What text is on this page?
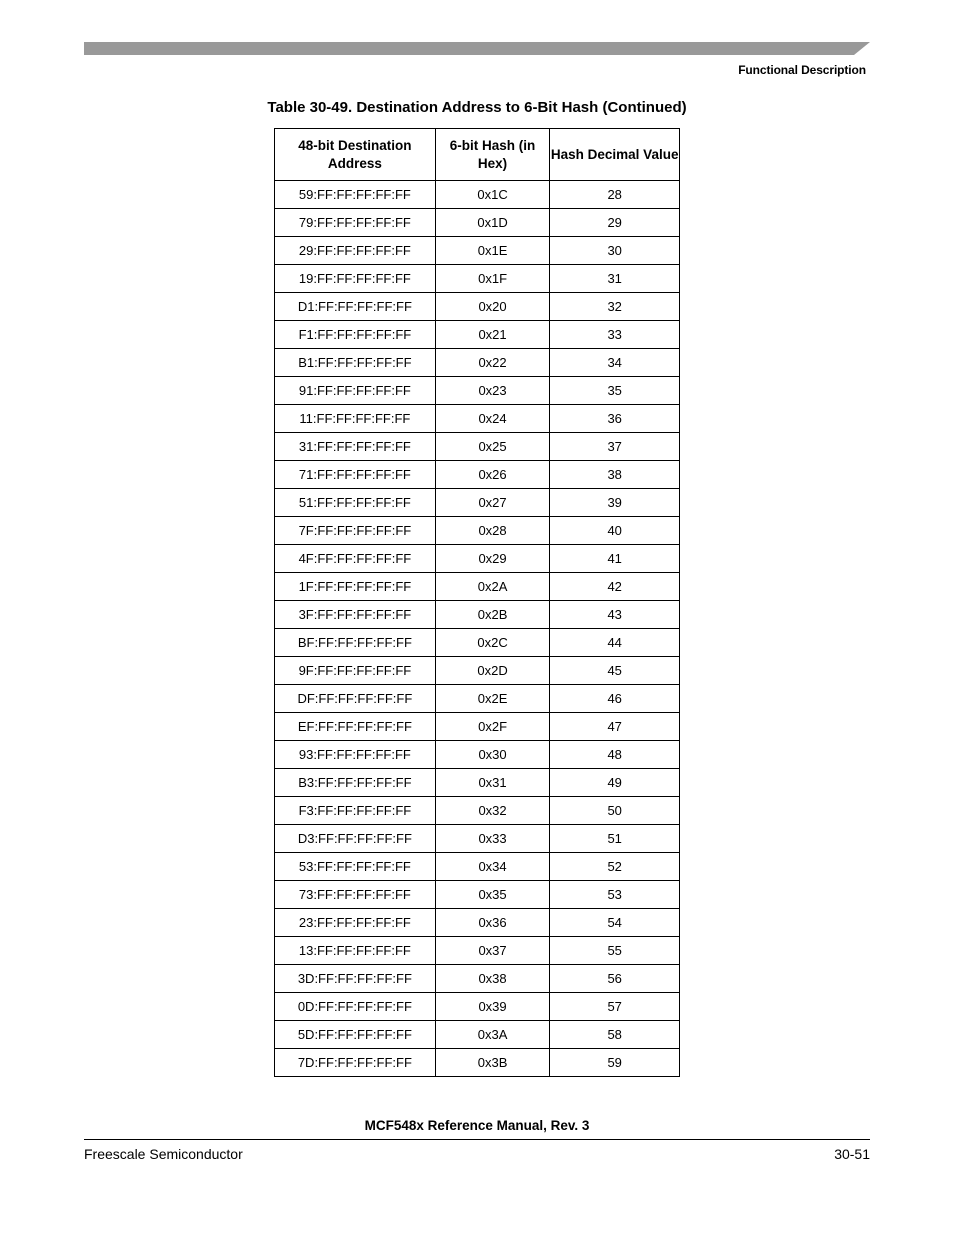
Functional Description
Table 30-49. Destination Address to 6-Bit Hash (Continued)
48-bit Destination Address	6-bit Hash (in Hex)	Hash Decimal Value
59:FF:FF:FF:FF:FF	0x1C	28
79:FF:FF:FF:FF:FF	0x1D	29
29:FF:FF:FF:FF:FF	0x1E	30
19:FF:FF:FF:FF:FF	0x1F	31
D1:FF:FF:FF:FF:FF	0x20	32
F1:FF:FF:FF:FF:FF	0x21	33
B1:FF:FF:FF:FF:FF	0x22	34
91:FF:FF:FF:FF:FF	0x23	35
11:FF:FF:FF:FF:FF	0x24	36
31:FF:FF:FF:FF:FF	0x25	37
71:FF:FF:FF:FF:FF	0x26	38
51:FF:FF:FF:FF:FF	0x27	39
7F:FF:FF:FF:FF:FF	0x28	40
4F:FF:FF:FF:FF:FF	0x29	41
1F:FF:FF:FF:FF:FF	0x2A	42
3F:FF:FF:FF:FF:FF	0x2B	43
BF:FF:FF:FF:FF:FF	0x2C	44
9F:FF:FF:FF:FF:FF	0x2D	45
DF:FF:FF:FF:FF:FF	0x2E	46
EF:FF:FF:FF:FF:FF	0x2F	47
93:FF:FF:FF:FF:FF	0x30	48
B3:FF:FF:FF:FF:FF	0x31	49
F3:FF:FF:FF:FF:FF	0x32	50
D3:FF:FF:FF:FF:FF	0x33	51
53:FF:FF:FF:FF:FF	0x34	52
73:FF:FF:FF:FF:FF	0x35	53
23:FF:FF:FF:FF:FF	0x36	54
13:FF:FF:FF:FF:FF	0x37	55
3D:FF:FF:FF:FF:FF	0x38	56
0D:FF:FF:FF:FF:FF	0x39	57
5D:FF:FF:FF:FF:FF	0x3A	58
7D:FF:FF:FF:FF:FF	0x3B	59
MCF548x Reference Manual, Rev. 3
Freescale Semiconductor	30-51
